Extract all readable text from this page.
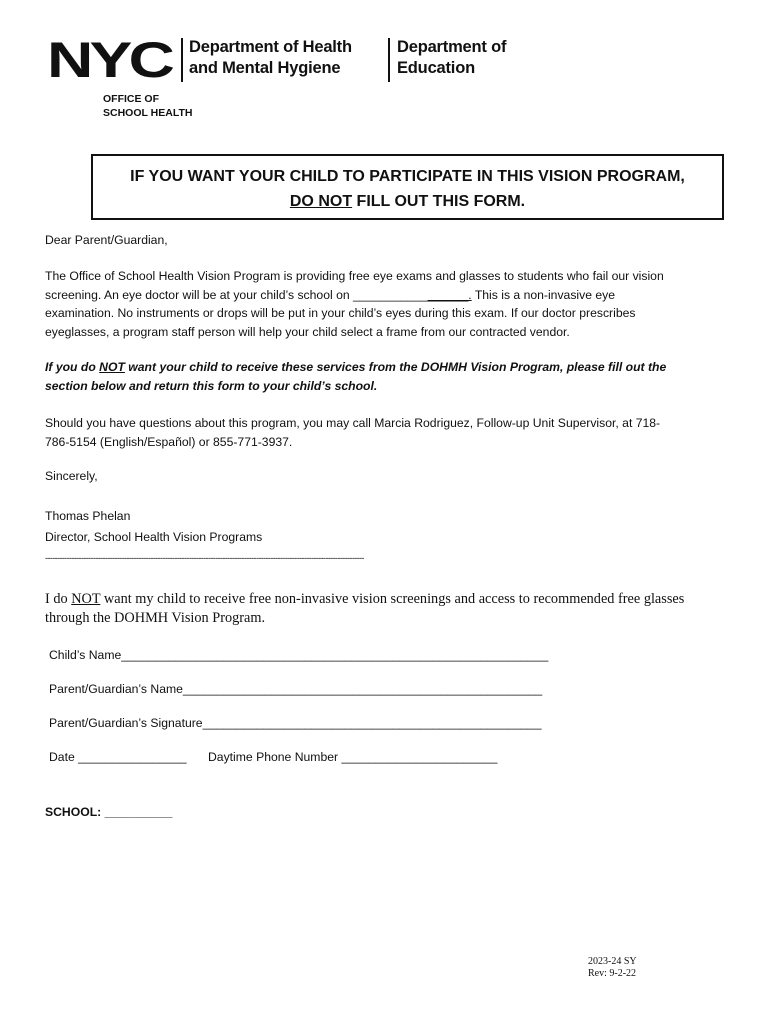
NYC Department of Health
and Mental Hygiene
Department of
Education
OFFICE OF
SCHOOL HEALTH
IF YOU WANT YOUR CHILD TO PARTICIPATE IN THIS VISION PROGRAM,
DO NOT FILL OUT THIS FORM.
Dear Parent/Guardian,
The Office of School Health Vision Program is providing free eye exams and glasses to students who fail our vision
screening. An eye doctor will be at your child’s school on _________________. This is a non-invasive eye
examination. No instruments or drops will be put in your child’s eyes during this exam. If our doctor prescribes
eyeglasses, a program staff person will help your child select a frame from our contracted vendor.
If you do NOT want your child to receive these services from the DOHMH Vision Program, please fill out the
section below and return this form to your child’s school.
Should you have questions about this program, you may call Marcia Rodriguez, Follow-up Unit Supervisor, at 718-
786-5154 (English/Español) or 855-771-3937.
Sincerely,
Thomas Phelan
Director, School Health Vision Programs
-------------------------------------------------------------------------------------------------------------------------------------
I do NOT want my child to receive free non-invasive vision screenings and access to recommended free glasses
through the DOHMH Vision Program.
Child’s Name_______________________________________________________________
Parent/Guardian’s Name_____________________________________________________
Parent/Guardian’s Signature__________________________________________________
Date ________________ Daytime Phone Number _______________________
SCHOOL: __________
2023-24 SY
Rev: 9-2-22
